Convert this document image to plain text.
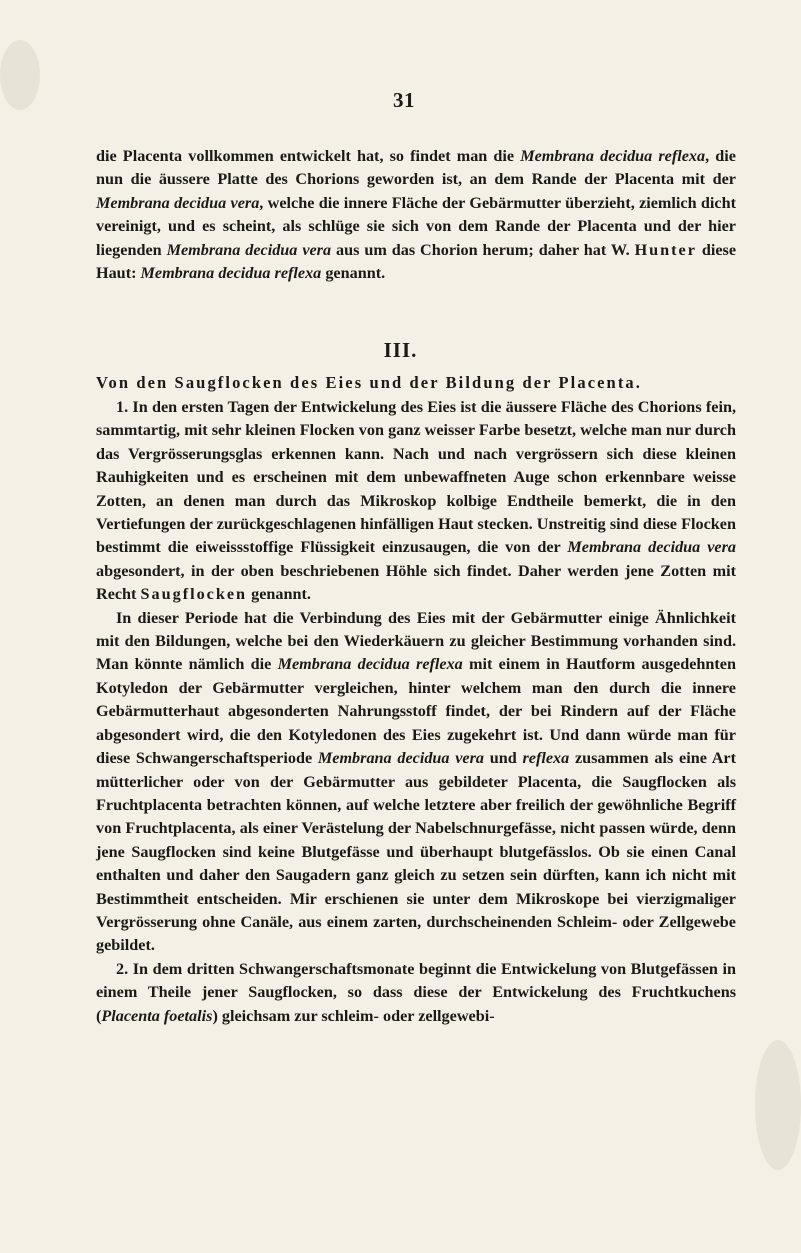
31

die Placenta vollkommen entwickelt hat, so findet man die Membrana decidua reflexa, die nun die äussere Platte des Chorions geworden ist, an dem Rande der Placenta mit der Membrana decidua vera, welche die innere Fläche der Gebärmutter überzieht, ziemlich dicht vereinigt, und es scheint, als schlüge sie sich von dem Rande der Placenta und der hier liegenden Membrana decidua vera aus um das Chorion herum; daher hat W. Hunter diese Haut: Membrana decidua reflexa genannt.

III.
Von den Saugflocken des Eies und der Bildung der Placenta.

1. In den ersten Tagen der Entwickelung des Eies ist die äussere Fläche des Chorions fein, sammtartig, mit sehr kleinen Flocken von ganz weisser Farbe besetzt, welche man nur durch das Vergrösserungsglas erkennen kann. Nach und nach vergrössern sich diese kleinen Rauhigkeiten und es erscheinen mit dem unbewaffneten Auge schon erkennbare weisse Zotten, an denen man durch das Mikroskop kolbige Endtheile bemerkt, die in den Vertiefungen der zurückgeschlagenen hinfälligen Haut stecken. Unstreitig sind diese Flocken bestimmt die eiweissstoffige Flüssigkeit einzusaugen, die von der Membrana decidua vera abgesondert, in der oben beschriebenen Höhle sich findet. Daher werden jene Zotten mit Recht Saugflocken genannt.

In dieser Periode hat die Verbindung des Eies mit der Gebärmutter einige Ähnlichkeit mit den Bildungen, welche bei den Wiederkäuern zu gleicher Bestimmung vorhanden sind. Man könnte nämlich die Membrana decidua reflexa mit einem in Hautform ausgedehnten Kotyledon der Gebärmutter vergleichen, hinter welchem man den durch die innere Gebärmutterhaut abgesonderten Nahrungsstoff findet, der bei Rindern auf der Fläche abgesondert wird, die den Kotyledonen des Eies zugekehrt ist. Und dann würde man für diese Schwangerschaftsperiode Membrana decidua vera und reflexa zusammen als eine Art mütterlicher oder von der Gebärmutter aus gebildeter Placenta, die Saugflocken als Fruchtplacenta betrachten können, auf welche letztere aber freilich der gewöhnliche Begriff von Fruchtplacenta, als einer Verästelung der Nabelschnurgefässe, nicht passen würde, denn jene Saugflocken sind keine Blutgefässe und überhaupt blutgefässlos. Ob sie einen Canal enthalten und daher den Saugadern ganz gleich zu setzen sein dürften, kann ich nicht mit Bestimmtheit entscheiden. Mir erschienen sie unter dem Mikroskope bei vierzigmaliger Vergrösserung ohne Canäle, aus einem zarten, durchscheinenden Schleim- oder Zellgewebe gebildet.

2. In dem dritten Schwangerschaftsmonate beginnt die Entwickelung von Blutgefässen in einem Theile jener Saugflocken, so dass diese der Entwickelung des Fruchtkuchens (Placenta foetalis) gleichsam zur schleim- oder zellgewebi-
